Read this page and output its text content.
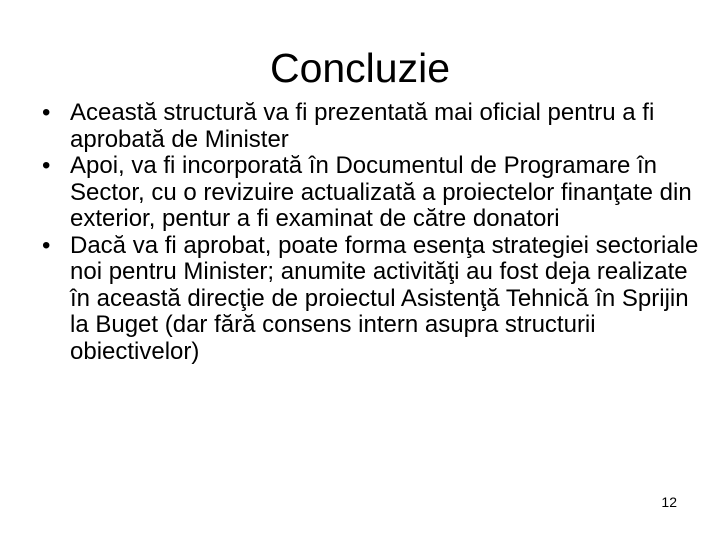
Concluzie
• Această structură va fi prezentată mai oficial pentru a fi aprobată de Minister
• Apoi, va fi incorporată în Documentul de Programare în Sector, cu o revizuire actualizată a proiectelor finanţate din exterior, pentur a fi examinat de către donatori
• Dacă va fi aprobat, poate forma esenţa strategiei sectoriale noi pentru Minister; anumite activităţi au fost deja realizate în această direcţie de proiectul Asistenţă Tehnică în Sprijin la Buget (dar fără consens intern asupra structurii obiectivelor)
12
